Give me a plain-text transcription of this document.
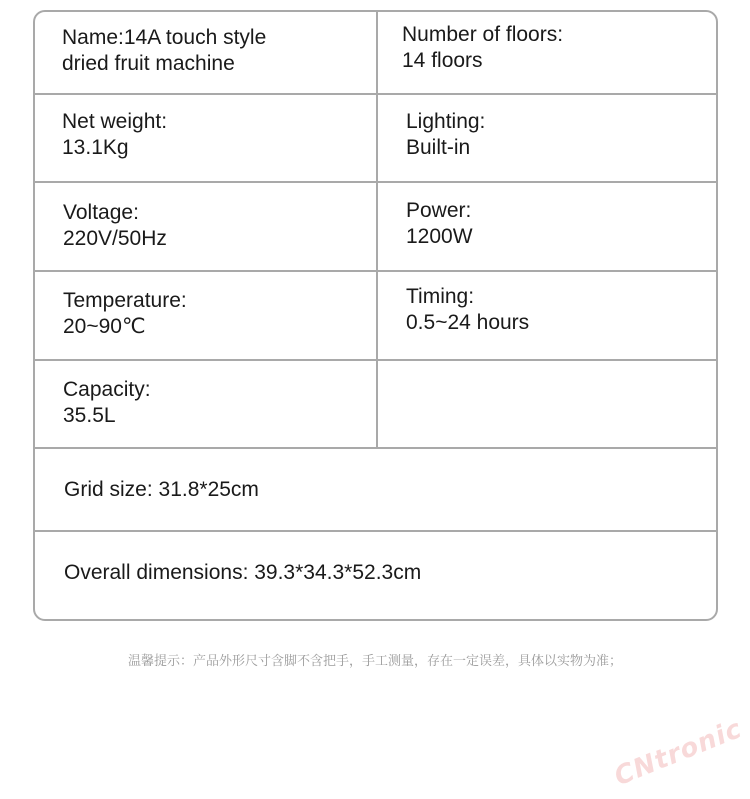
Name:14A touch style
dried fruit machine
Number of floors:
14 floors
Net weight:
13.1Kg
Lighting:
Built-in
Voltage:
220V/50Hz
Power:
1200W
Temperature:
20~90℃
Timing:
0.5~24 hours
Capacity:
35.5L
Grid size: 31.8*25cm
Overall dimensions: 39.3*34.3*52.3cm
温馨提示：产品外形尺寸含脚不含把手，手工测量，存在一定误差，具体以实物为准；
CNtronic
